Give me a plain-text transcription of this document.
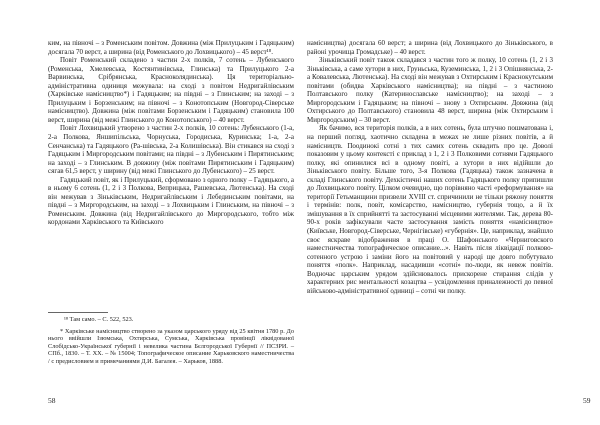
ким, на півночі – з Роменським повітом. Довжина (між Прилуцьким і Гадяцьким) досягала 70 верст, а ширина (від Роменського до Лохвицького) – 45 верст¹⁸.

Повіт Роменський складено з частин 2-х полків, 7 сотень – Лубенського (Роменська, Хмелевська, Костянтинівська, Глинська) та Прилуцького 2-а Варвинська, Срібрянська, Красноколядинська). Ця територіально-адміністративна одиниця межувала: на сході з повітом Недригайлівським (Харківське намісництво*) і Гадяцьким; на півдні – з Глинським; на заході – з Прилуцьким і Борзенським; на півночі – з Конотопським (Новгород-Сіверське намісництво). Довжина (між повітами Борзенським і Гадяцьким) становила 100 верст, ширина (від межі Глинського до Конотопського) – 40 верст.

Повіт Лохвицький утворено з частин 2-х полків, 10 сотень: Лубенського (1-а, 2-а Полкова, Яншипільська, Чорнуська, Городиська, Куринська; 1-а, 2-а Сенчанська) та Гадяцького (Ра-шівська, 2-а Колишівська). Він стикався на сході з Гадяцьким і Миргородським повітами; на півдні – з Лубенським і Пирятинським; на заході – з Глинським. В довжину (між повітами Пирятинським і Гадяцьким) сягав 61,5 верст, у ширину (від межі Глинського до Лубенського) – 25 верст.

Гадяцький повіт, як і Прилуцький, сформовано з одного полку – Гадяцького, а в ньому 6 сотень (1, 2 і 3 Полкова, Веприцька, Рашевська, Лютенська). На сході він межував з Зіньківським, Недригайлівським і Лебединським повітами, на півдні – з Миргородським, на заході – з Лохвицьким і Глинським, на півночі – з Роменським. Довжина (від Недригайлівського до Миргородського, тобто між кордонами Харківського та Київського

¹⁸ Там само. – С. 522, 523.

* Харківське намісництво створено за указом царського уряду від 25 квітня 1780 р. До нього ввійшли Ізюмська, Охтирська, Сумська, Харківська провінції ліквідованої Слобідсько-Української губернії і невелика частина Бєлгородської Губернії // ПСЗРИ. – СПб., 1830. – Т. ХХ. – № 15004; Топографическое описание Харьковского наместничества / с предисловием и примечаниями Д.И. Багалея. – Харьков, 1888.

58

намісництва) досягала 60 верст; а ширина (від Лохвицького до Зіньківського, в районі урочища Громадське) – 40 верст.

Зіньківський повіт також складався з частин того ж полку, 10 сотень (1, 2 і 3 Зіньківська, а саме хутори в них, Груньська, Куземинська, 1, 2 і 3 Опішнянська, 2-а Ковалевська, Лютенська). На сході він межував з Охтирським і Краснокутським повітами (обидва Харківського намісництва); на півдні – з частиною Полтавського полку (Катеринославське намісництво); на заході – з Миргородським і Гадяцьким; на півночі – знову з Охтирським. Довжина (від Охтирського до Полтавського) становила 48 верст, ширина (між Охтирським і Миргородським) – 30 верст.

Як бачимо, вся територія полків, а в них сотень, була штучно пошматована і, на перший погляд, хаотично складена в межах не лише різних повітів, а й намісництв. Поодинокі сотні з тих самих сотень сквадить про це. Доволі показовим у цьому контексті є приклад з 1, 2 і 3 Полковими сотнями Гадяцького полку, які опинилися всі в одному повіті, а хутори в них відійшли до Зіньківського повіту. Більше того, 3-я Полкова (Гадяцька) також зазначена в складі Глинського повіту. Дехкістичні наших сотень Гадяцького полку припишли до Лохвицького повіту. Цілком очевидно, що порівняно часті «реформування» на території Гетьманщини призвели ХVIII ст. спричинили не тільки ряжону поняття і термінів: полк, повіт, комісарство, намісництво, губернія тощо, а й їх змішування в їх сприйнятті та застосуванні місцевими жителями. Так, дерева 80-90-х років зафіксували часте застосування замість поняття «намісництво» (Київське, Новгород-Сіверське, Чернігівське) «губернія». Це, наприклад, знайшло своє яскраве відображення в праці О. Шафонського «Черниговского наместничества топографическое описание...». Навіть після ліквідації полково-сотенного устрою і заміни його на повітовий у народі ще довго побутувало поняття «полк». Наприклад, насадивши «сотні» по-люди, як невеж повітів. Водночас царським урядом здійснювалось прискорене стирання слідів у характерних рис ментальності козацтва – усвідомлення приналежності до певної військово-адміністративної одиниці – сотні чи полку.

59
